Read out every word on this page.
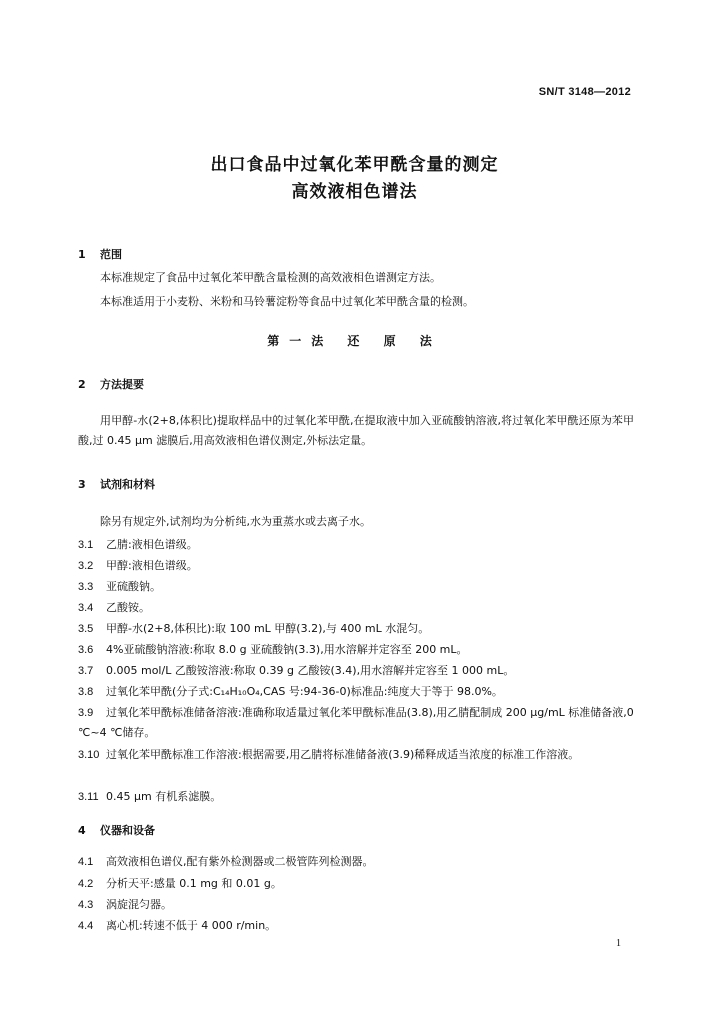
SN/T 3148—2012
出口食品中过氧化苯甲酰含量的测定
高效液相色谱法
1 范围
本标准规定了食品中过氧化苯甲酰含量检测的高效液相色谱测定方法。
本标准适用于小麦粉、米粉和马铃薯淀粉等食品中过氧化苯甲酰含量的检测。
第一法 还 原 法
2 方法提要
用甲醇-水(2+8,体积比)提取样品中的过氧化苯甲酰,在提取液中加入亚硫酸钠溶液,将过氧化苯甲酰还原为苯甲酸,过 0.45 μm 滤膜后,用高效液相色谱仪测定,外标法定量。
3 试剂和材料
除另有规定外,试剂均为分析纯,水为重蒸水或去离子水。
3.1 乙腈:液相色谱级。
3.2 甲醇:液相色谱级。
3.3 亚硫酸钠。
3.4 乙酸铵。
3.5 甲醇-水(2+8,体积比):取 100 mL 甲醇(3.2),与 400 mL 水混匀。
3.6 4%亚硫酸钠溶液:称取 8.0 g 亚硫酸钠(3.3),用水溶解并定容至 200 mL。
3.7 0.005 mol/L 乙酸铵溶液:称取 0.39 g 乙酸铵(3.4),用水溶解并定容至 1 000 mL。
3.8 过氧化苯甲酰(分子式:C₁₄H₁₀O₄,CAS 号:94-36-0)标准品:纯度大于等于 98.0%。
3.9 过氧化苯甲酰标准储备溶液:准确称取适量过氧化苯甲酰标准品(3.8),用乙腈配制成 200 μg/mL 标准储备液,0 ℃~4 ℃储存。
3.10 过氧化苯甲酰标准工作溶液:根据需要,用乙腈将标准储备液(3.9)稀释成适当浓度的标准工作溶液。
3.11 0.45 μm 有机系滤膜。
4 仪器和设备
4.1 高效液相色谱仪,配有紫外检测器或二极管阵列检测器。
4.2 分析天平:感量 0.1 mg 和 0.01 g。
4.3 涡旋混匀器。
4.4 离心机:转速不低于 4 000 r/min。
1
